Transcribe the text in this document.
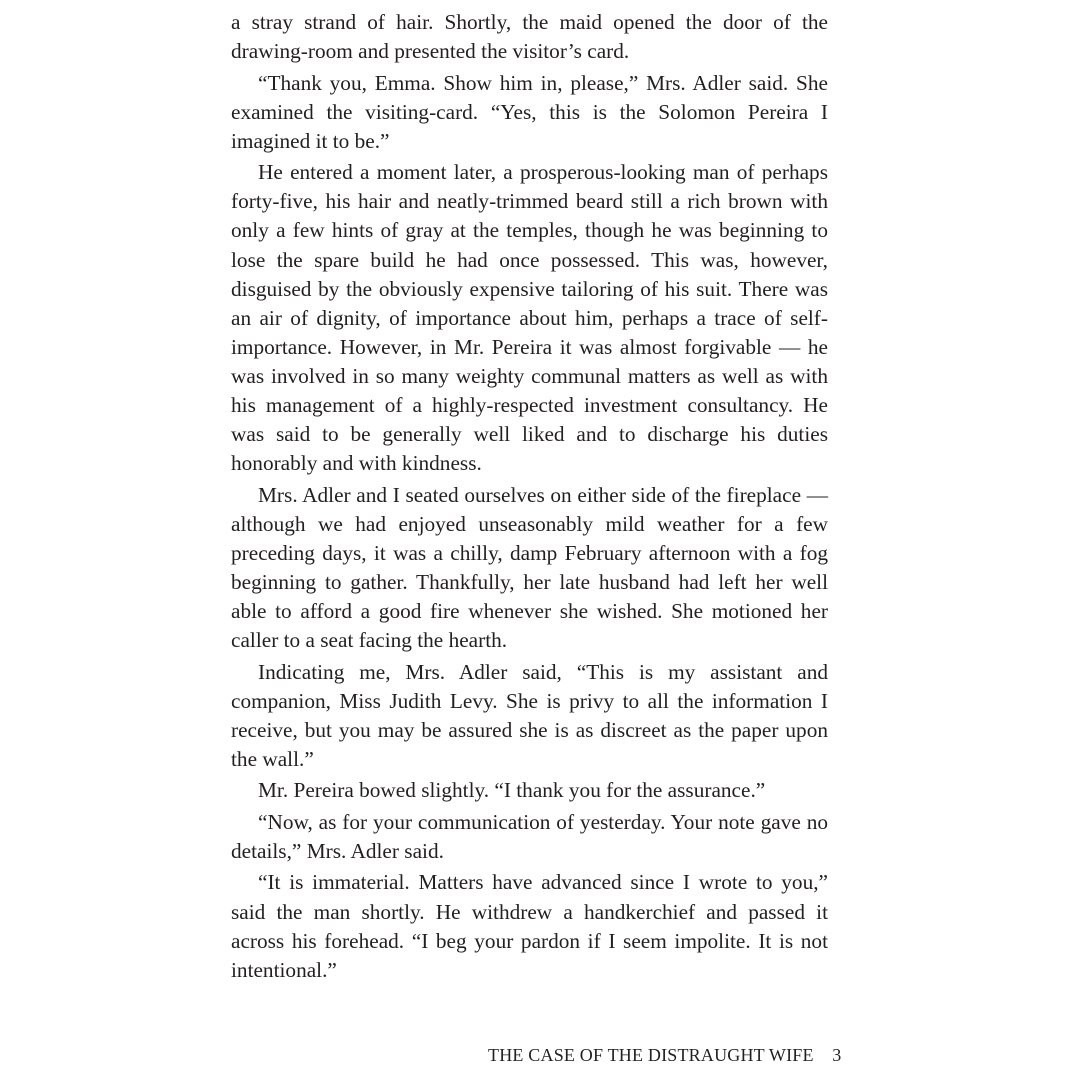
a stray strand of hair. Shortly, the maid opened the door of the drawing-room and presented the visitor’s card.

“Thank you, Emma. Show him in, please,” Mrs. Adler said. She examined the visiting-card. “Yes, this is the Solomon Pereira I imagined it to be.”

He entered a moment later, a prosperous-looking man of perhaps forty-five, his hair and neatly-trimmed beard still a rich brown with only a few hints of gray at the temples, though he was beginning to lose the spare build he had once possessed. This was, however, disguised by the obviously expensive tailoring of his suit. There was an air of dignity, of importance about him, perhaps a trace of self-importance. However, in Mr. Pereira it was almost forgivable — he was involved in so many weighty communal matters as well as with his management of a highly-respected investment consultancy. He was said to be generally well liked and to discharge his duties honorably and with kindness.

Mrs. Adler and I seated ourselves on either side of the fireplace — although we had enjoyed unseasonably mild weather for a few preceding days, it was a chilly, damp February afternoon with a fog beginning to gather. Thankfully, her late husband had left her well able to afford a good fire whenever she wished. She motioned her caller to a seat facing the hearth.

Indicating me, Mrs. Adler said, “This is my assistant and companion, Miss Judith Levy. She is privy to all the information I receive, but you may be assured she is as discreet as the paper upon the wall.”

Mr. Pereira bowed slightly. “I thank you for the assurance.”

“Now, as for your communication of yesterday. Your note gave no details,” Mrs. Adler said.

“It is immaterial. Matters have advanced since I wrote to you,” said the man shortly. He withdrew a handkerchief and passed it across his forehead. “I beg your pardon if I seem impolite. It is not intentional.”

THE CASE OF THE DISTRAUGHT WIFE 3
